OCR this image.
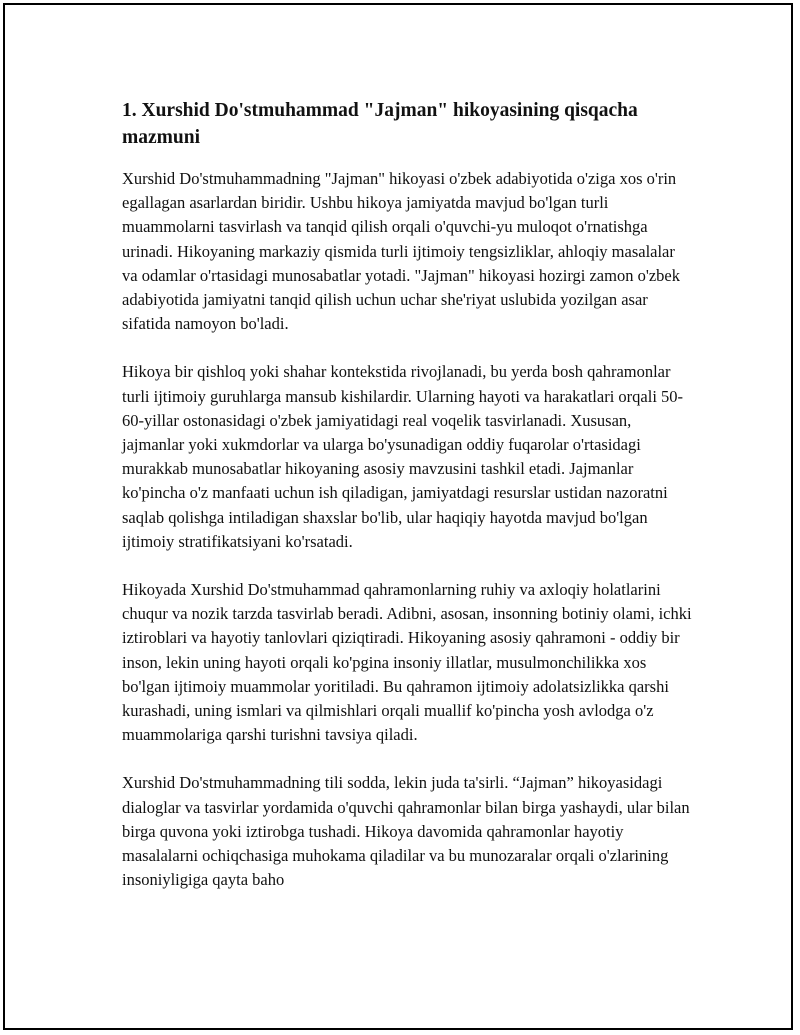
1. Xurshid Do'stmuhammad "Jajman" hikoyasining qisqacha mazmuni

Xurshid Do'stmuhammadning "Jajman" hikoyasi o'zbek adabiyotida o'ziga xos o'rin egallagan asarlardan biridir. Ushbu hikoya jamiyatda mavjud bo'lgan turli muammolarni tasvirlash va tanqid qilish orqali o'quvchi-yu muloqot o'rnatishga urinadi. Hikoyaning markaziy qismida turli ijtimoiy tengsizliklar, ahloqiy masalalar va odamlar o'rtasidagi munosabatlar yotadi. "Jajman" hikoyasi hozirgi zamon o'zbek adabiyotida jamiyatni tanqid qilish uchun uchar she'riyat uslubida yozilgan asar sifatida namoyon bo'ladi.

Hikoya bir qishloq yoki shahar kontekstida rivojlanadi, bu yerda bosh qahramonlar turli ijtimoiy guruhlarga mansub kishilardir. Ularning hayoti va harakatlari orqali 50-60-yillar ostonasidagi o'zbek jamiyatidagi real voqelik tasvirlanadi. Xususan, jajmanlar yoki xukmdorlar va ularga bo'ysunadigan oddiy fuqarolar o'rtasidagi murakkab munosabatlar hikoyaning asosiy mavzusini tashkil etadi. Jajmanlar ko'pincha o'z manfaati uchun ish qiladigan, jamiyatdagi resurslar ustidan nazoratni saqlab qolishga intiladigan shaxslar bo'lib, ular haqiqiy hayotda mavjud bo'lgan ijtimoiy stratifikatsiyani ko'rsatadi.

Hikoyada Xurshid Do'stmuhammad qahramonlarning ruhiy va axloqiy holatlarini chuqur va nozik tarzda tasvirlab beradi. Adibni, asosan, insonning botiniy olami, ichki iztiroblari va hayotiy tanlovlari qiziqtiradi. Hikoyaning asosiy qahramoni - oddiy bir inson, lekin uning hayoti orqali ko'pgina insoniy illatlar, musulmonchilikka xos bo'lgan ijtimoiy muammolar yoritiladi. Bu qahramon ijtimoiy adolatsizlikka qarshi kurashadi, uning ismlari va qilmishlari orqali muallif ko'pincha yosh avlodga o'z muammolariga qarshi turishni tavsiya qiladi.

Xurshid Do'stmuhammadning tili sodda, lekin juda ta'sirli. “Jajman” hikoyasidagi dialoglar va tasvirlar yordamida o'quvchi qahramonlar bilan birga yashaydi, ular bilan birga quvona yoki iztirobga tushadi. Hikoya davomida qahramonlar hayotiy masalalarni ochiqchasiga muhokama qiladilar va bu munozaralar orqali o'zlarining insoniyligiga qayta baho
